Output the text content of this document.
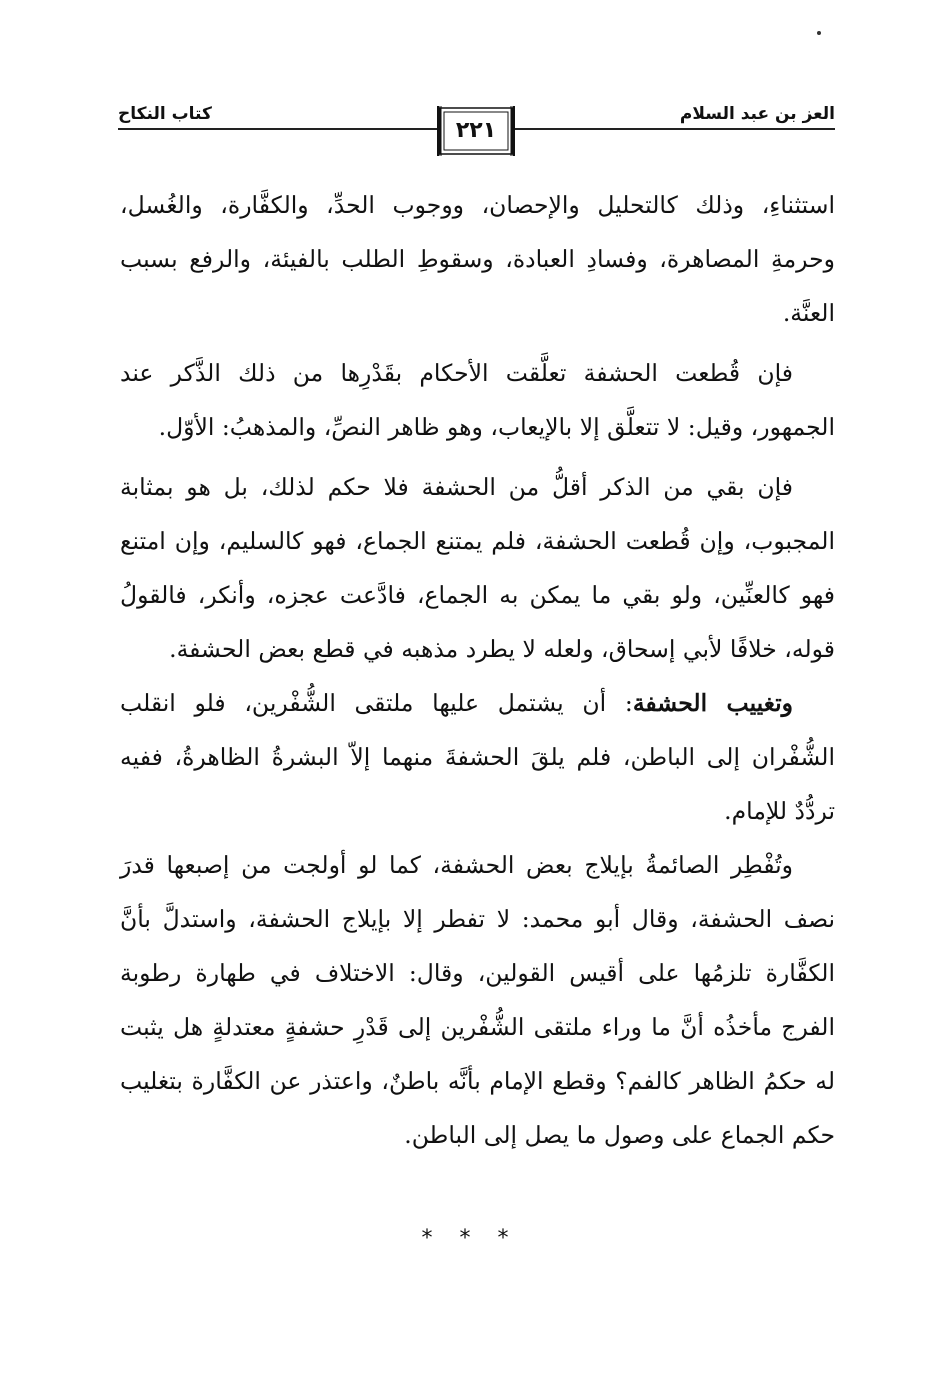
العز بن عبد السلام
كتاب النكاح
٢٢١

استثناءِ، وذلك كالتحليل والإحصان، ووجوب الحدِّ، والكفَّارة، والغُسل، وحرمةِ المصاهرة، وفسادِ العبادة، وسقوطِ الطلب بالفيئة، والرفع بسبب العنَّة.

فإن قُطعت الحشفة تعلَّقت الأحكام بقَدْرِها من ذلك الذَّكر عند الجمهور، وقيل: لا تتعلَّق إلا بالإيعاب، وهو ظاهر النصِّ، والمذهبُ: الأوّل.

فإن بقي من الذكر أقلُّ من الحشفة فلا حكم لذلك، بل هو بمثابة المجبوب، وإن قُطعت الحشفة، فلم يمتنع الجماع، فهو كالسليم، وإن امتنع فهو كالعنِّين، ولو بقي ما يمكن به الجماع، فادَّعت عجزه، وأنكر، فالقولُ قوله، خلافًا لأبي إسحاق، ولعله لا يطرد مذهبه في قطع بعض الحشفة.

وتغييب الحشفة: أن يشتمل عليها ملتقى الشُّفْرين، فلو انقلب الشُّفْران إلى الباطن، فلم يلقَ الحشفةَ منهما إلاّ البشرةُ الظاهرةُ، ففيه تردُّدٌ للإمام.

وتُفْطِر الصائمةُ بإيلاج بعض الحشفة، كما لو أولجت من إصبعها قدرَ نصف الحشفة، وقال أبو محمد: لا تفطر إلا بإيلاج الحشفة، واستدلَّ بأنَّ الكفَّارة تلزمُها على أقيس القولين، وقال: الاختلاف في طهارة رطوبة الفرج مأخذُه أنَّ ما وراء ملتقى الشُّفْرين إلى قَدْرِ حشفةٍ معتدلةٍ هل يثبت له حكمُ الظاهر كالفم؟ وقطع الإمام بأنَّه باطنٌ، واعتذر عن الكفَّارة بتغليب حكم الجماع على وصول ما يصل إلى الباطن.

* * *
